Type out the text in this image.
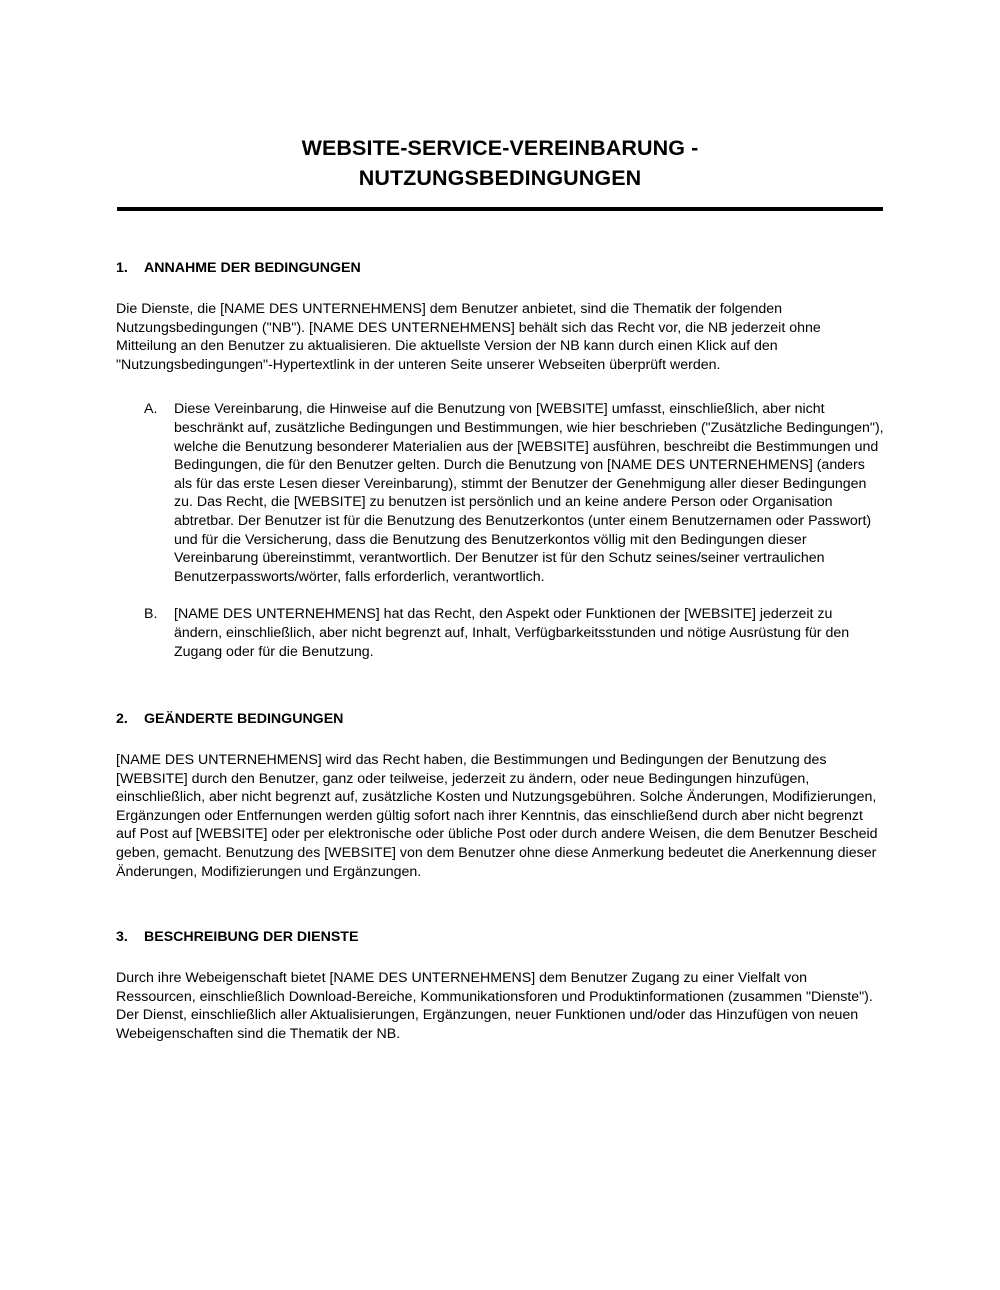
WEBSITE-SERVICE-VEREINBARUNG -
NUTZUNGSBEDINGUNGEN
1.	ANNAHME DER BEDINGUNGEN

Die Dienste, die [NAME DES UNTERNEHMENS] dem Benutzer anbietet, sind die Thematik der folgenden Nutzungsbedingungen ("NB"). [NAME DES UNTERNEHMENS] behält sich das Recht vor, die NB jederzeit ohne Mitteilung an den Benutzer zu aktualisieren. Die aktuellste Version der NB kann durch einen Klick auf den "Nutzungsbedingungen"-Hypertextlink in der unteren Seite unserer Webseiten überprüft werden.

A.	Diese Vereinbarung, die Hinweise auf die Benutzung von [WEBSITE] umfasst, einschließlich, aber nicht beschränkt auf, zusätzliche Bedingungen und Bestimmungen, wie hier beschrieben ("Zusätzliche Bedingungen"), welche die Benutzung besonderer Materialien aus der [WEBSITE] ausführen, beschreibt die Bestimmungen und Bedingungen, die für den Benutzer gelten. Durch die Benutzung von [NAME DES UNTERNEHMENS] (anders als für das erste Lesen dieser Vereinbarung), stimmt der Benutzer der Genehmigung aller dieser Bedingungen zu. Das Recht, die [WEBSITE] zu benutzen ist persönlich und an keine andere Person oder Organisation abtretbar. Der Benutzer ist für die Benutzung des Benutzerkontos (unter einem Benutzernamen oder Passwort) und für die Versicherung, dass die Benutzung des Benutzerkontos völlig mit den Bedingungen dieser Vereinbarung übereinstimmt, verantwortlich. Der Benutzer ist für den Schutz seines/seiner vertraulichen Benutzerpassworts/wörter, falls erforderlich, verantwortlich.
B.	[NAME DES UNTERNEHMENS] hat das Recht, den Aspekt oder Funktionen der [WEBSITE] jederzeit zu ändern, einschließlich, aber nicht begrenzt auf, Inhalt, Verfügbarkeitsstunden und nötige Ausrüstung für den Zugang oder für die Benutzung.
2.	GEÄNDERTE BEDINGUNGEN

[NAME DES UNTERNEHMENS] wird das Recht haben, die Bestimmungen und Bedingungen der Benutzung des [WEBSITE] durch den Benutzer, ganz oder teilweise, jederzeit zu ändern, oder neue Bedingungen hinzufügen, einschließlich, aber nicht begrenzt auf, zusätzliche Kosten und Nutzungsgebühren. Solche Änderungen, Modifizierungen, Ergänzungen oder Entfernungen werden gültig sofort nach ihrer Kenntnis, das einschließend durch aber nicht begrenzt auf Post auf [WEBSITE] oder per elektronische oder übliche Post oder durch andere Weisen, die dem Benutzer Bescheid geben, gemacht. Benutzung des [WEBSITE] von dem Benutzer ohne diese Anmerkung bedeutet die Anerkennung dieser Änderungen, Modifizierungen und Ergänzungen.

3.	BESCHREIBUNG DER DIENSTE

Durch ihre Webeigenschaft bietet [NAME DES UNTERNEHMENS] dem Benutzer Zugang zu einer Vielfalt von Ressourcen, einschließlich Download-Bereiche, Kommunikationsforen und Produktinformationen (zusammen "Dienste"). Der Dienst, einschließlich aller Aktualisierungen, Ergänzungen, neuer Funktionen und/oder das Hinzufügen von neuen Webeigenschaften sind die Thematik der NB.
